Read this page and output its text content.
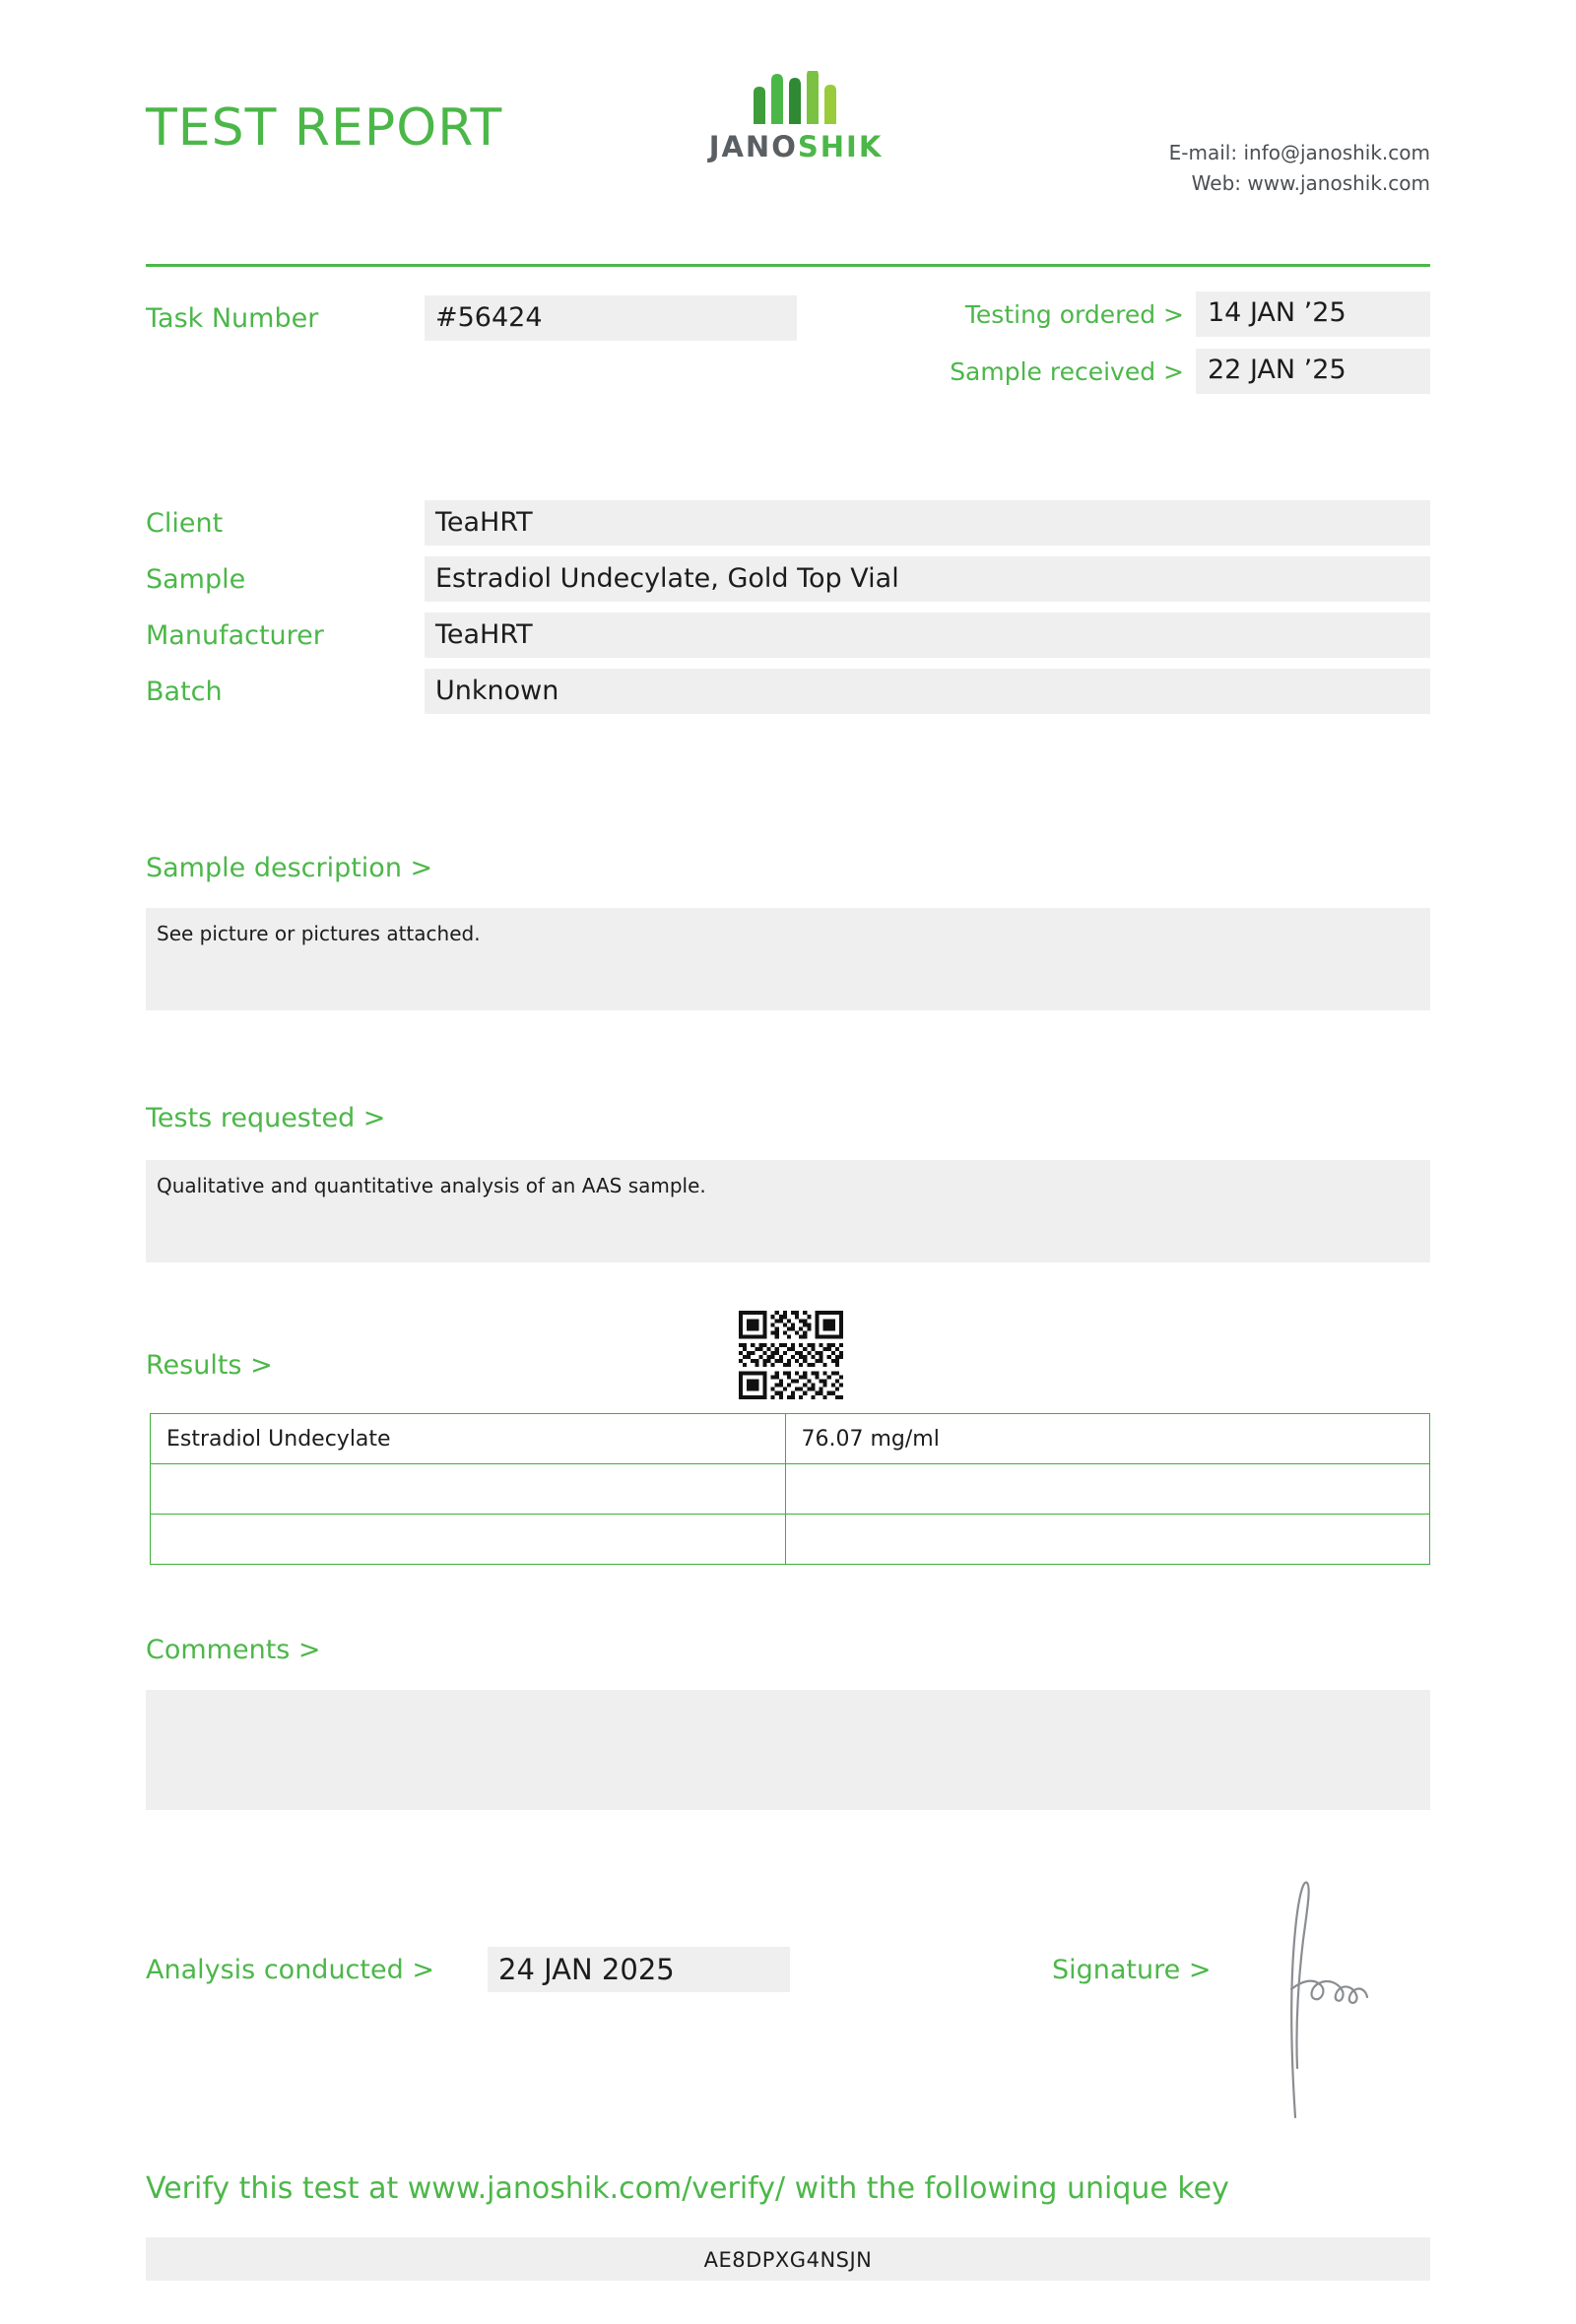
TEST REPORT	JANOSHIK	E-mail: info@janoshik.com
Web: www.janoshik.com
Task Number	#56424	Testing ordered > 14 JAN ’25
Sample received > 22 JAN ’25
Client	TeaHRT
Sample	Estradiol Undecylate, Gold Top Vial
Manufacturer	TeaHRT
Batch	Unknown
Sample description >
See picture or pictures attached.
Tests requested >
Qualitative and quantitative analysis of an AAS sample.
Results >
Comments >
Analysis conducted >	24 JAN 2025	Signature >
Verify this test at www.janoshik.com/verify/ with the following unique key
AE8DPXG4NSJN
Estradiol Undecylate	76.07 mg/ml
